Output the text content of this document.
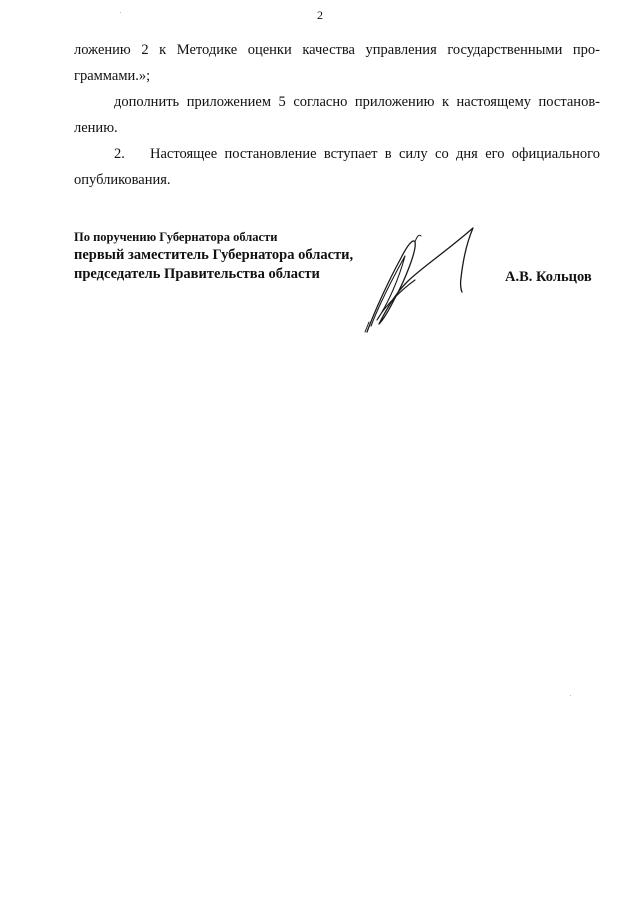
2
ложению 2 к Методике оценки качества управления государственными про-
граммами.»;
дополнить приложением 5 согласно приложению к настоящему постанов-
лению.
2. Настоящее постановление вступает в силу со дня его официального
опубликования.
По поручению Губернатора области
первый заместитель Губернатора области,
председатель Правительства области	А.В. Кольцов
